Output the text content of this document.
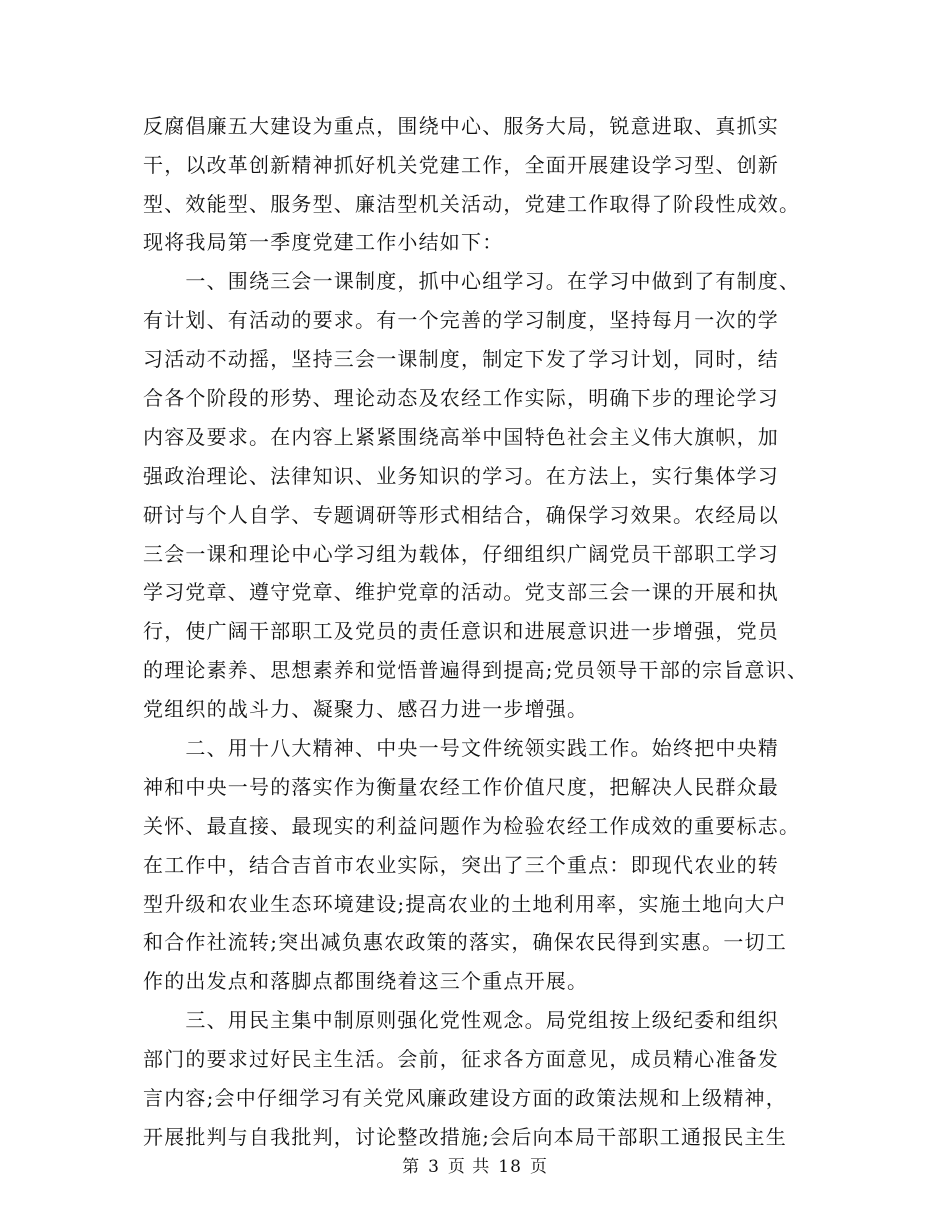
反腐倡廉五大建设为重点，围绕中心、服务大局，锐意进取、真抓实
干，以改革创新精神抓好机关党建工作，全面开展建设学习型、创新
型、效能型、服务型、廉洁型机关活动，党建工作取得了阶段性成效。
现将我局第一季度党建工作小结如下：
　　一、围绕三会一课制度，抓中心组学习。在学习中做到了有制度、
有计划、有活动的要求。有一个完善的学习制度，坚持每月一次的学
习活动不动摇，坚持三会一课制度，制定下发了学习计划，同时，结
合各个阶段的形势、理论动态及农经工作实际，明确下步的理论学习
内容及要求。在内容上紧紧围绕高举中国特色社会主义伟大旗帜，加
强政治理论、法律知识、业务知识的学习。在方法上，实行集体学习
研讨与个人自学、专题调研等形式相结合，确保学习效果。农经局以
三会一课和理论中心学习组为载体，仔细组织广阔党员干部职工学习
学习党章、遵守党章、维护党章的活动。党支部三会一课的开展和执
行，使广阔干部职工及党员的责任意识和进展意识进一步增强，党员
的理论素养、思想素养和觉悟普遍得到提高;党员领导干部的宗旨意识、
党组织的战斗力、凝聚力、感召力进一步增强。
　　二、用十八大精神、中央一号文件统领实践工作。始终把中央精
神和中央一号的落实作为衡量农经工作价值尺度，把解决人民群众最
关怀、最直接、最现实的利益问题作为检验农经工作成效的重要标志。
在工作中，结合吉首市农业实际，突出了三个重点：即现代农业的转
型升级和农业生态环境建设;提高农业的土地利用率，实施土地向大户
和合作社流转;突出减负惠农政策的落实，确保农民得到实惠。一切工
作的出发点和落脚点都围绕着这三个重点开展。
　　三、用民主集中制原则强化党性观念。局党组按上级纪委和组织
部门的要求过好民主生活。会前，征求各方面意见，成员精心准备发
言内容;会中仔细学习有关党风廉政建设方面的政策法规和上级精神，
开展批判与自我批判，讨论整改措施;会后向本局干部职工通报民主生
第 3 页 共 18 页
